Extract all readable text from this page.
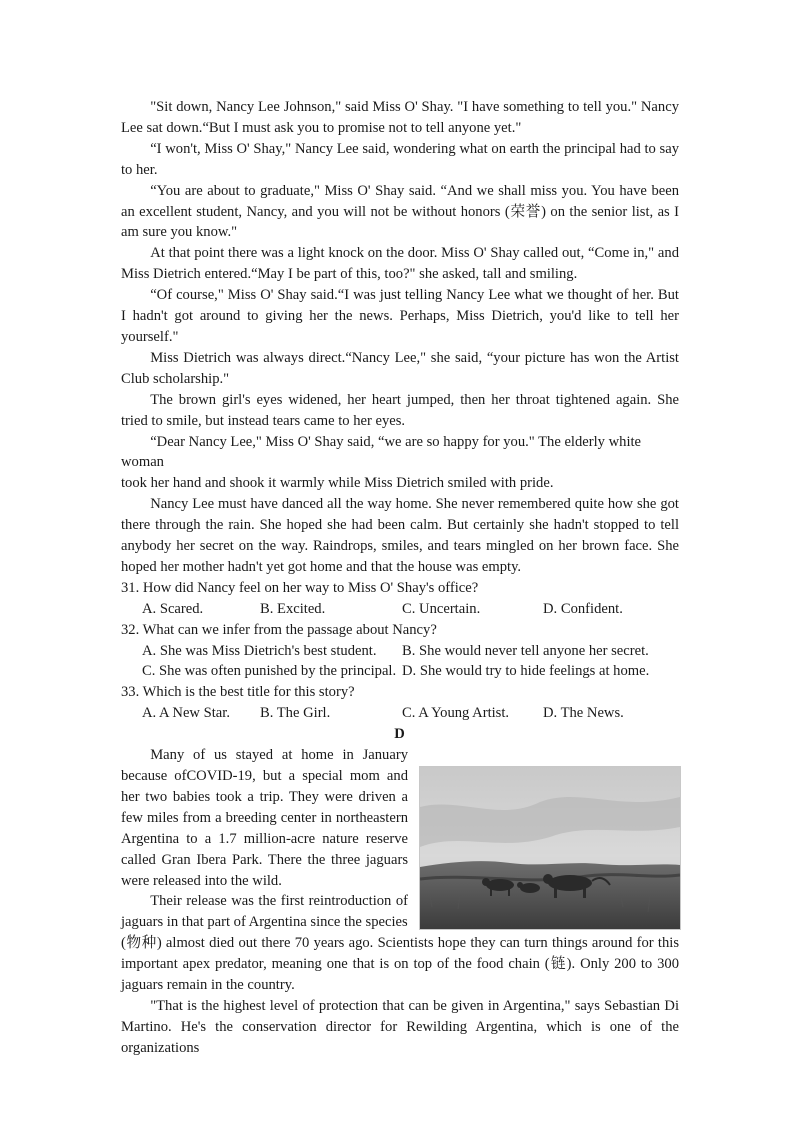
"Sit down, Nancy Lee Johnson," said Miss O' Shay. "I have something to tell you." Nancy Lee sat down.“But I must ask you to promise not to tell anyone yet."

“I won't, Miss O' Shay," Nancy Lee said, wondering what on earth the principal had to say to her.

“You are about to graduate," Miss O' Shay said. “And we shall miss you. You have been an excellent student, Nancy, and you will not be without honors (荣誉) on the senior list, as I am sure you know."

At that point there was a light knock on the door. Miss O' Shay called out, “Come in," and Miss Dietrich entered.“May I be part of this, too?" she asked, tall and smiling.

“Of course," Miss O' Shay said.“I was just telling Nancy Lee what we thought of her. But I hadn't got around to giving her the news. Perhaps, Miss Dietrich, you'd like to tell her yourself."

Miss Dietrich was always direct.“Nancy Lee," she said, “your picture has won the Artist Club scholarship."

The brown girl's eyes widened, her heart jumped, then her throat tightened again. She tried to smile, but instead tears came to her eyes.

“Dear Nancy Lee," Miss O' Shay said, “we are so happy for you." The elderly white woman

took her hand and shook it warmly while Miss Dietrich smiled with pride.

Nancy Lee must have danced all the way home. She never remembered quite how she got there through the rain. She hoped she had been calm. But certainly she hadn't stopped to tell anybody her secret on the way. Raindrops, smiles, and tears mingled on her brown face. She hoped her mother hadn't yet got home and that the house was empty.

31. How did Nancy feel on her way to Miss O' Shay's office?

A. Scared.	B. Excited.	C. Uncertain.	D. Confident.

32. What can we infer from the passage about Nancy?

A. She was Miss Dietrich's best student.	B. She would never tell anyone her secret.
C. She was often punished by the principal. D. She would try to hide feelings at home.

33. Which is the best title for this story?

A. A New Star.	B. The Girl.	C. A Young Artist.	D. The News.

D

Many of us stayed at home in January because ofCOVID-19, but a special mom and her two babies took a trip. They were driven a few miles from a breeding center in northeastern Argentina to a 1.7 million-acre nature reserve called Gran Ibera Park. There the three jaguars were released into the wild.

Their release was the first reintroduction of jaguars in that part of Argentina since the species

(物种) almost died out there 70 years ago. Scientists hope they can turn things around for this important apex predator, meaning one that is on top of the food chain (链). Only 200 to 300 jaguars remain in the country.

"That is the highest level of protection that can be given in Argentina," says Sebastian Di Martino. He's the conservation director for Rewilding Argentina, which is one of the organizations
